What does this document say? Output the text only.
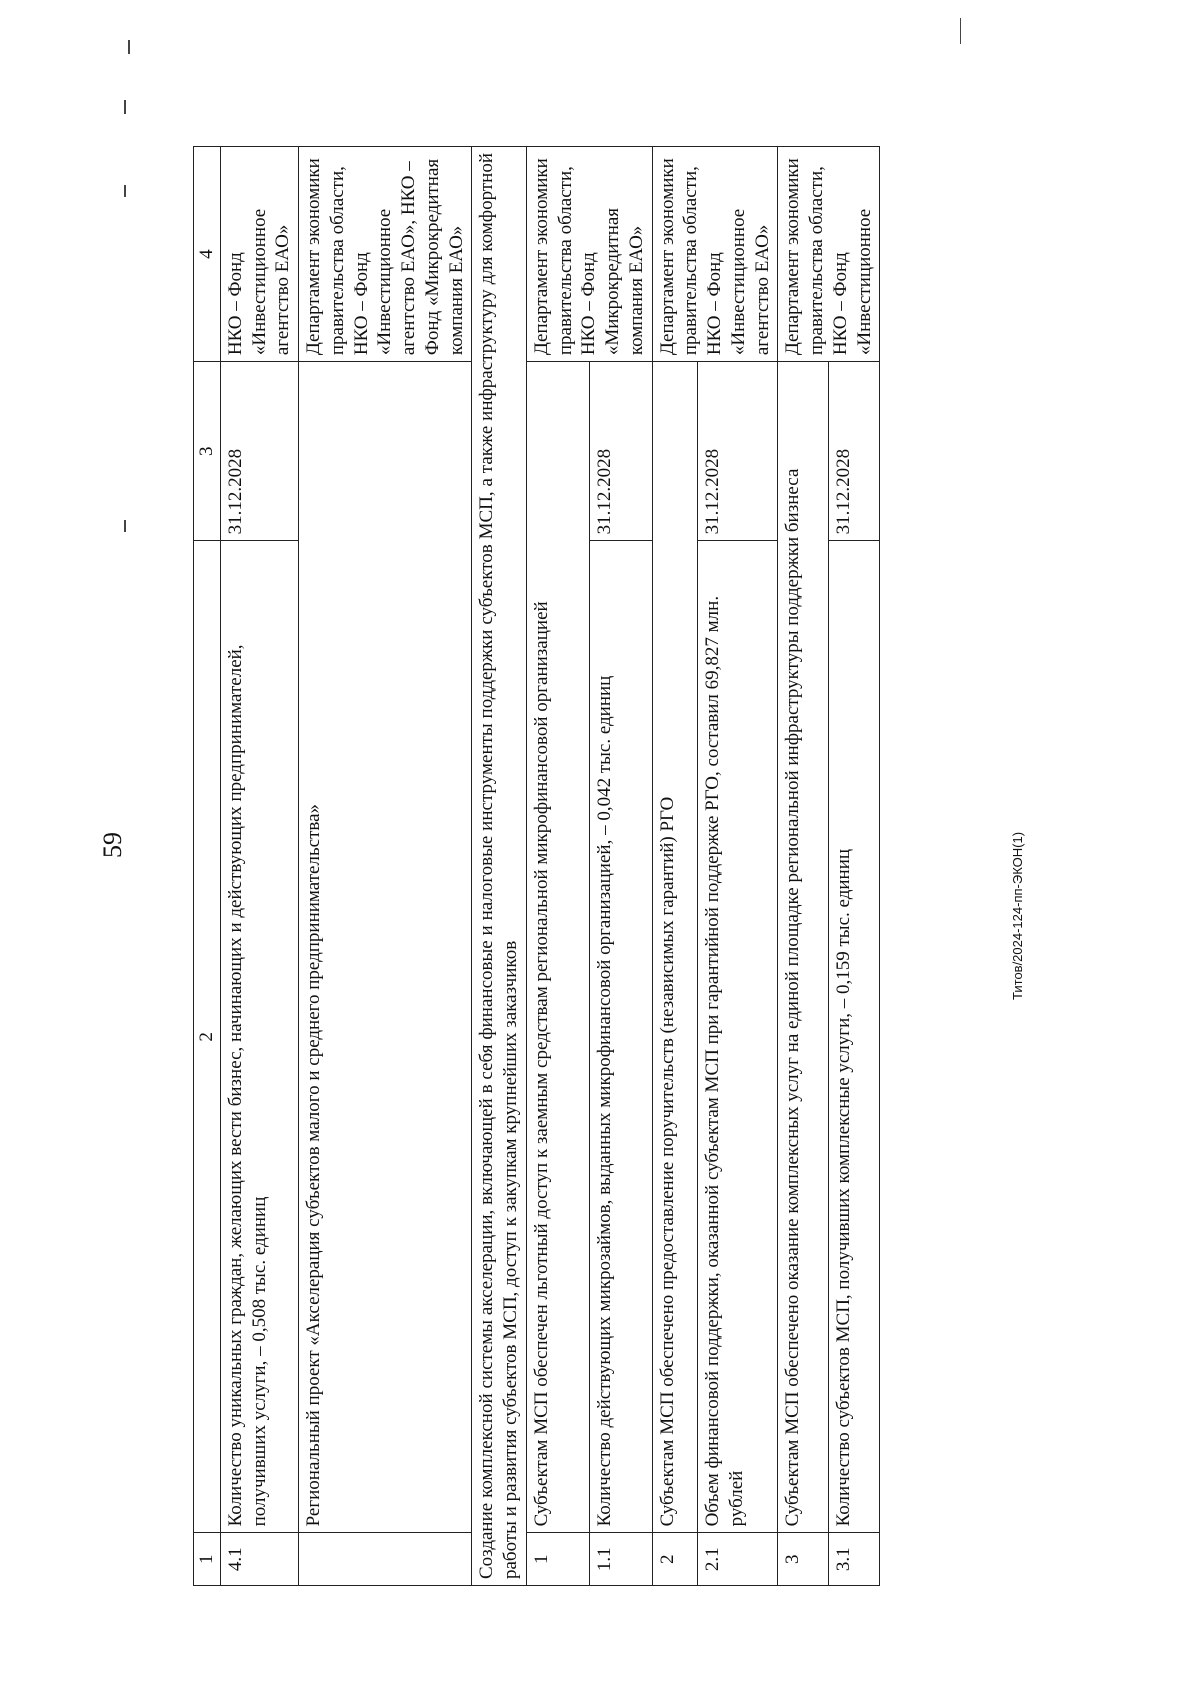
59	Титов/2024-124-пп-ЭКОН(1)
1	2	3	4
4.1	Количество уникальных граждан, желающих вести бизнес, начинающих и действующих предпринимателей, получивших услуги, – 0,508 тыс. единиц	31.12.2028	НКО – Фонд «Инвестиционное агентство ЕАО»
	Региональный проект «Акселерация субъектов малого и среднего предпринимательства»		Департамент экономики правительства области, НКО – Фонд «Инвестиционное агентство ЕАО», НКО – Фонд «Микрокредитная компания ЕАО»
Создание комплексной системы акселерации, включающей в себя финансовые и налоговые инструменты поддержки субъектов МСП, а также инфраструктуру для комфортной работы и развития субъектов МСП, доступ к закупкам крупнейших заказчиков			
1	Субъектам МСП обеспечен льготный доступ к заемным средствам региональной микрофинансовой организацией		Департамент экономики правительства области, НКО – Фонд «Микрокредитная компания ЕАО»
1.1	Количество действующих микрозаймов, выданных микрофинансовой организацией, – 0,042 тыс. единиц	31.12.2028	
2	Субъектам МСП обеспечено предоставление поручительств (независимых гарантий) РГО		Департамент экономики правительства области, НКО – Фонд «Инвестиционное агентство ЕАО»
2.1	Объем финансовой поддержки, оказанной субъектам МСП при гарантийной поддержке РГО, составил 69,827 млн. рублей	31.12.2028	
3	Субъектам МСП обеспечено оказание комплексных услуг на единой площадке региональной инфраструктуры поддержки бизнеса		Департамент экономики правительства области, НКО – Фонд «Инвестиционное
3.1	Количество субъектов МСП, получивших комплексные услуги, – 0,159 тыс. единиц	31.12.2028	
